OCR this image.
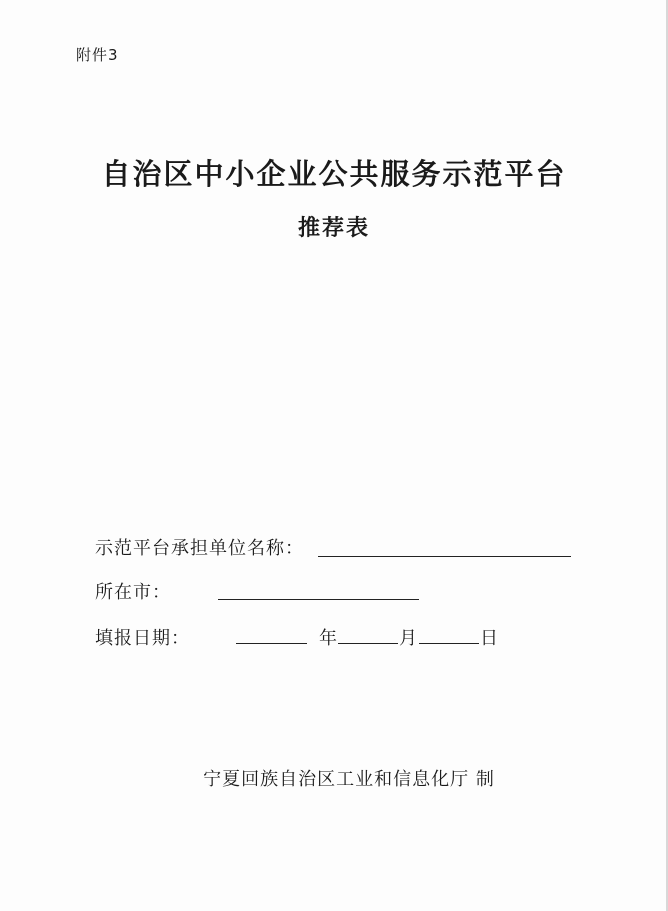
附件3
自治区中小企业公共服务示范平台
推荐表
示范平台承担单位名称：
所在市：
填报日期：	年	月	日
宁夏回族自治区工业和信息化厅 制
